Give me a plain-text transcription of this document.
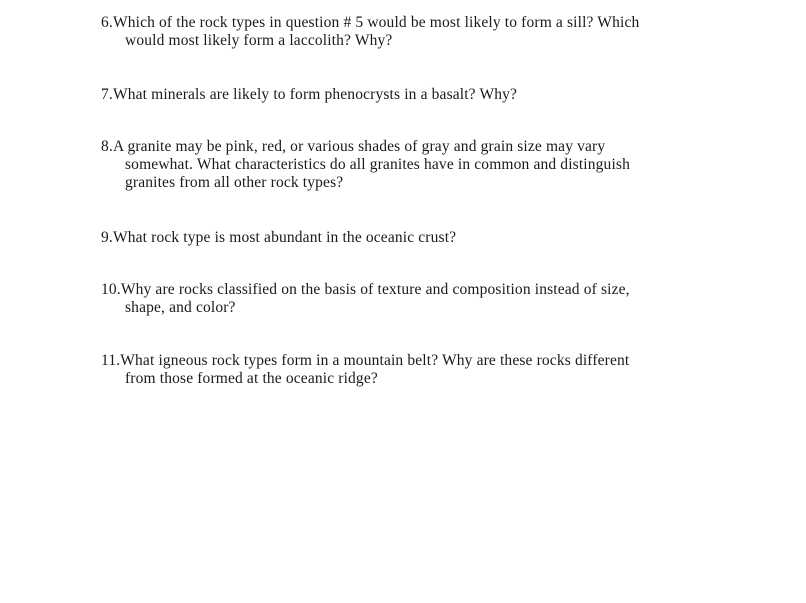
6.Which of the rock types in question # 5 would be most likely to form a sill? Which
would most likely form a laccolith? Why?
7.What minerals are likely to form phenocrysts in a basalt? Why?
8.A granite may be pink, red, or various shades of gray and grain size may vary
somewhat. What characteristics do all granites have in common and distinguish
granites from all other rock types?
9.What rock type is most abundant in the oceanic crust?
10.Why are rocks classified on the basis of texture and composition instead of size,
shape, and color?
11.What igneous rock types form in a mountain belt? Why are these rocks different
from those formed at the oceanic ridge?
